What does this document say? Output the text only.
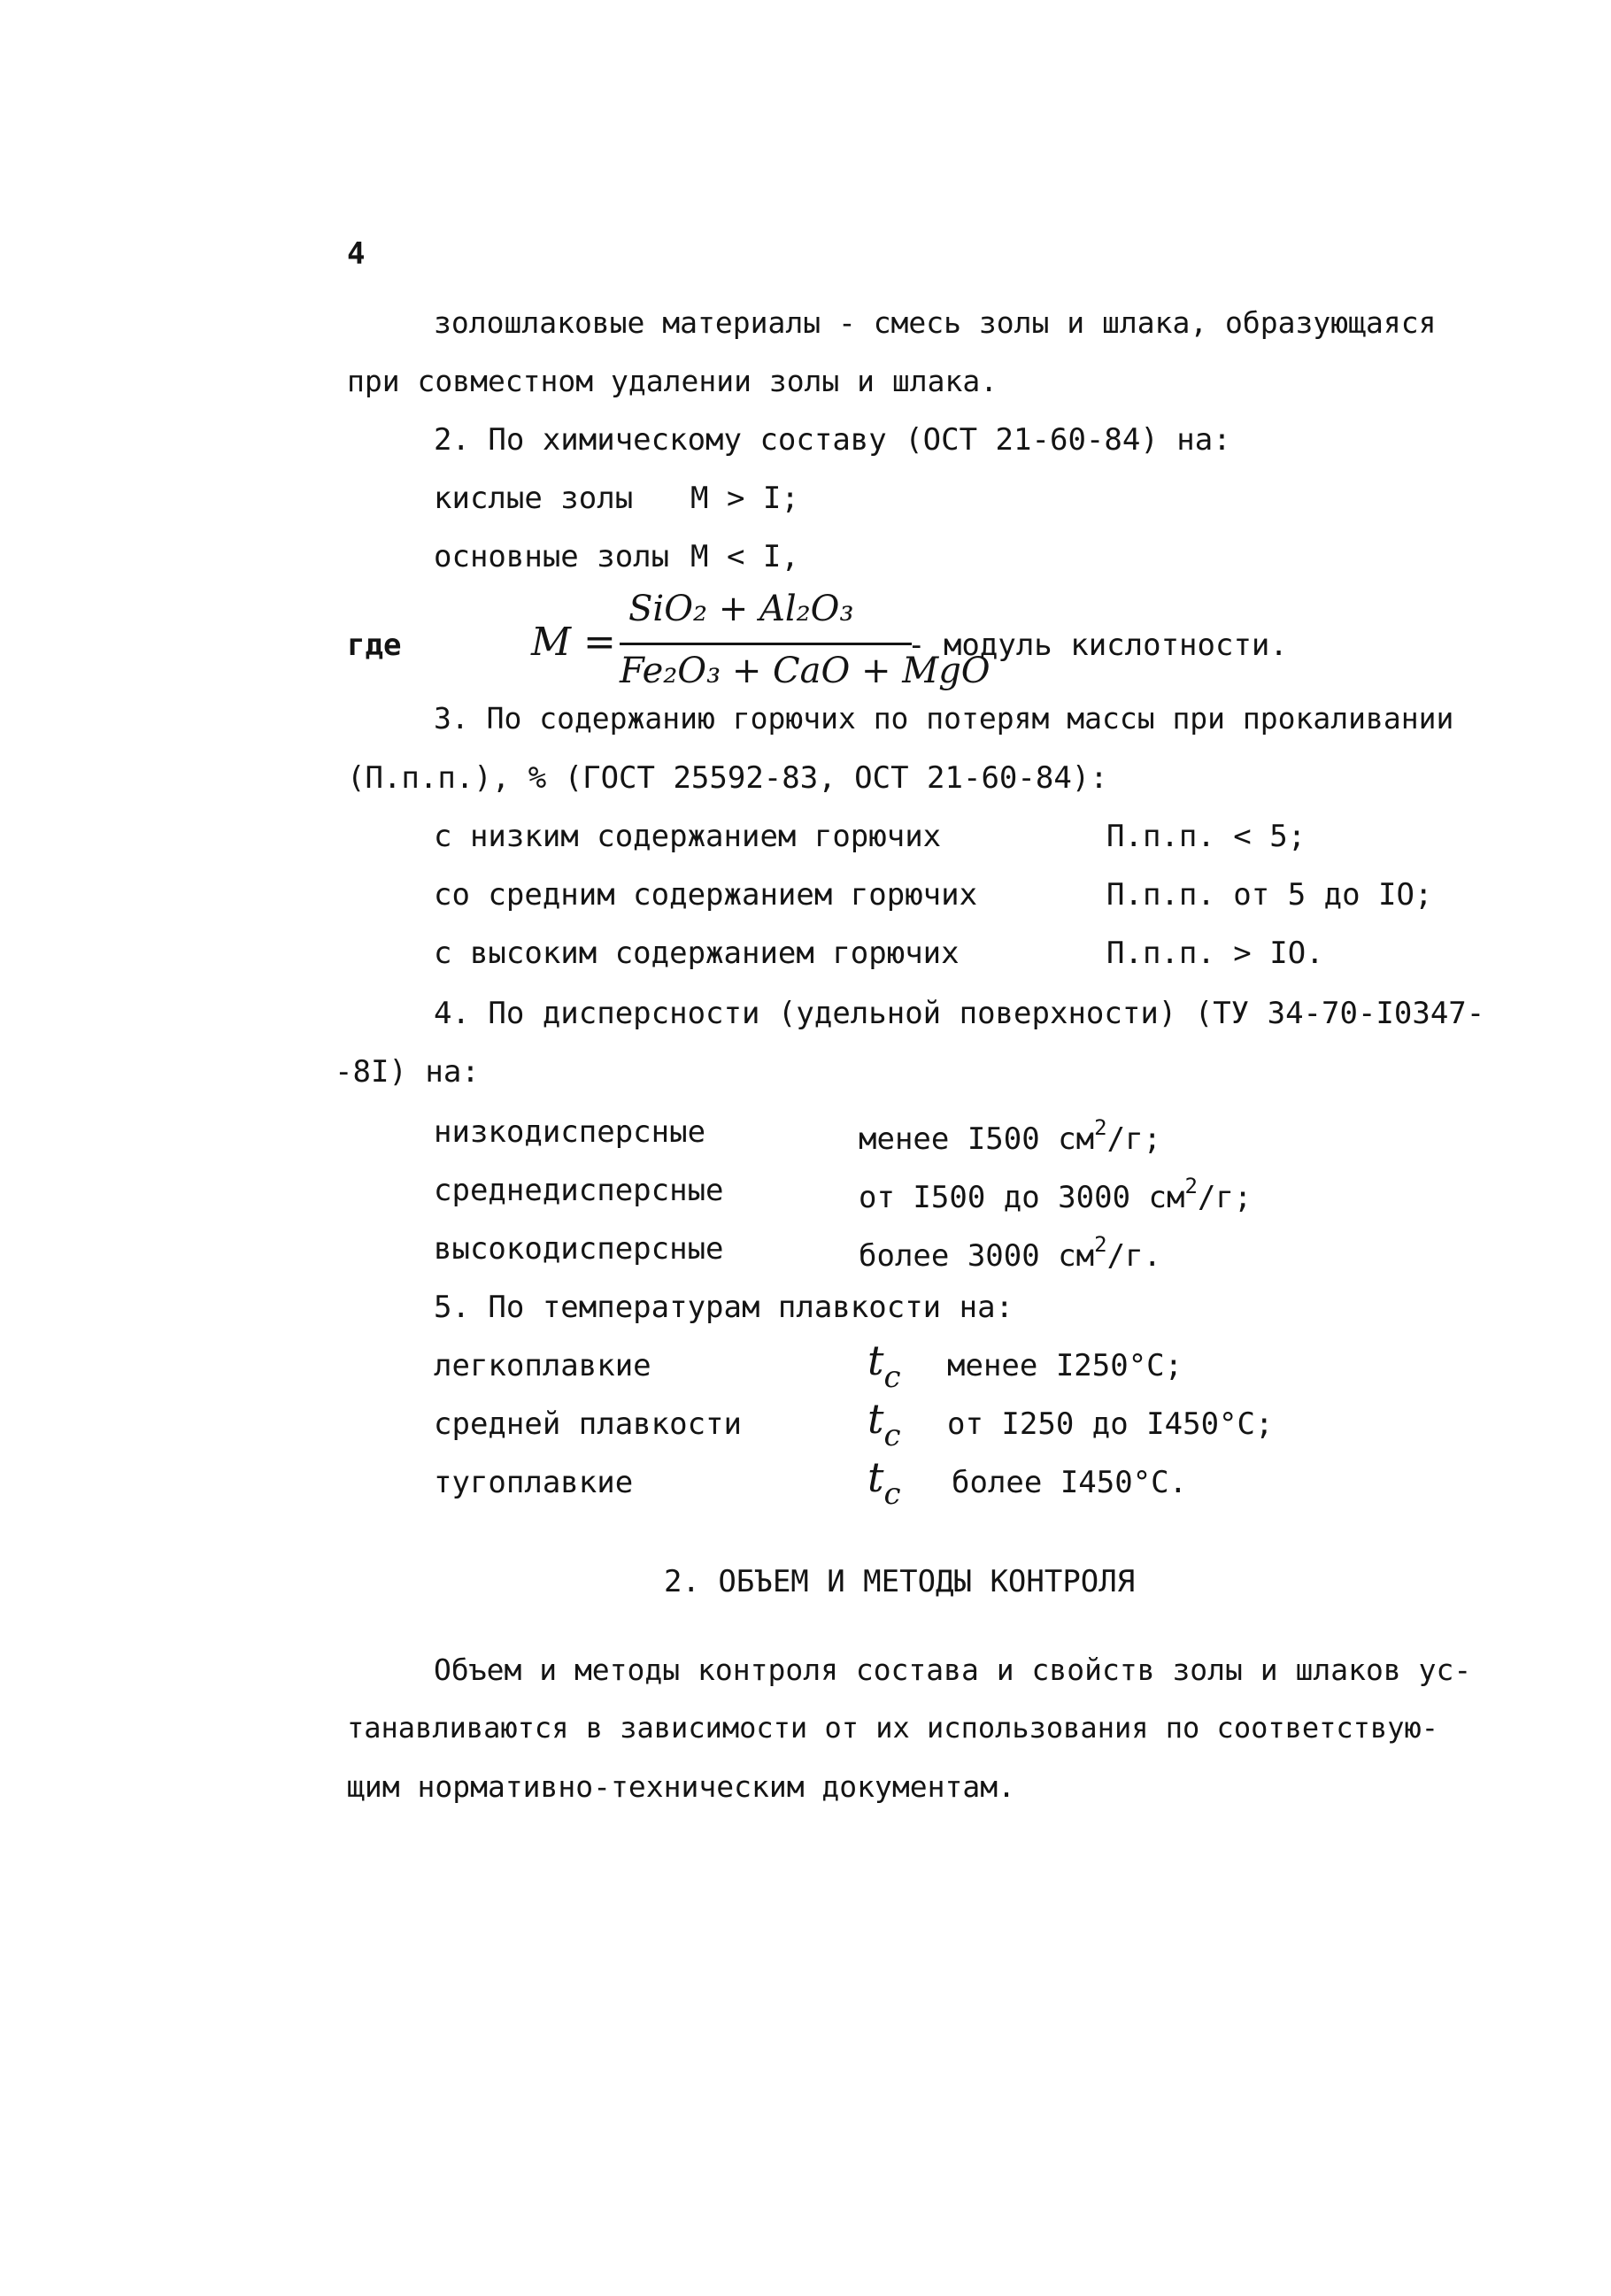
4
золошлаковые материалы - смесь золы и шлака, образующаяся
при совместном удалении золы и шлака.
2. По химическому составу (ОСТ 21-60-84) на:
кислые золы M > I;
основные золы M < I,
где	M =
SiO₂ + Al₂O₃
Fe₂O₃ + CaO + MgO
- модуль кислотности.
3. По содержанию горючих по потерям массы при прокаливании
(П.п.п.), % (ГОСТ 25592-83, ОСТ 21-60-84):
с низким содержанием горючих	П.п.п. < 5;
со средним содержанием горючих	П.п.п. от 5 до IO;
с высоким содержанием горючих	П.п.п. > IO.
4. По дисперсности (удельной поверхности) (ТУ 34-70-I0347-
-8I) на:
низкодисперсные	менее I500 $см^2/г$;
среднедисперсные	от I500 до 3000 $см^2/г$;
высокодисперсные	более 3000 $см^2/г$.
5. По температурам плавкости на:
легкоплавкие	$t_c$ менее I250°C;
средней плавкости	$t_c$ от I250 до I450°C;
тугоплавкие	$t_c$ более I450°C.
2. ОБЪЕМ И МЕТОДЫ КОНТРОЛЯ
Объем и методы контроля состава и свойств золы и шлаков ус-
танавливаются в зависимости от их использования по соответствую-
щим нормативно-техническим документам.
